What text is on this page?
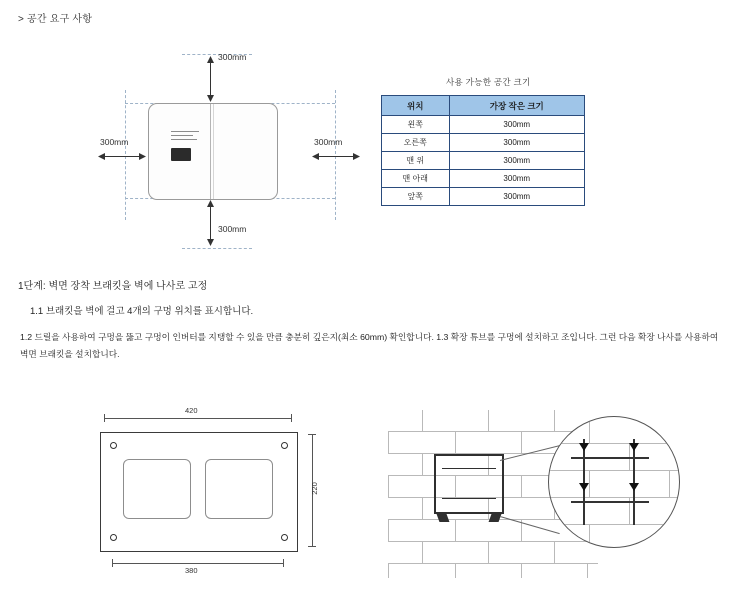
> 공간 요구 사항
300mm
300mm
300mm	300mm
사용 가능한 공간 크기
위치	가장 작은 크기
왼쪽	300mm
오른쪽	300mm
맨 위	300mm
맨 아래	300mm
앞쪽	300mm
1단계: 벽면 장착 브래킷을 벽에 나사로 고정
1.1 브래킷을 벽에 걸고 4개의 구멍 위치를 표시합니다.
1.2 드릴을 사용하여 구멍을 뚫고 구멍이 인버터를 지탱할 수 있을 만큼 충분히 깊은지(최소 60mm) 확인합니다. 1.3 확장 튜브를 구멍에 설치하고 조입니다. 그런 다음 확장 나사를 사용하여 벽면 브래킷을 설치합니다.
420
220
380
